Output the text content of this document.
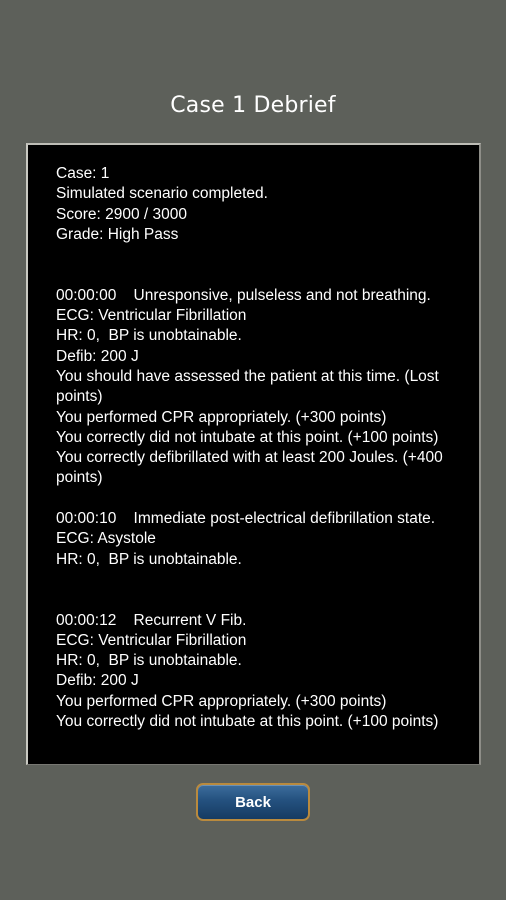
Case 1 Debrief
Case: 1
Simulated scenario completed.
Score: 2900 / 3000
Grade: High Pass

00:00:00    Unresponsive, pulseless and not breathing.
ECG: Ventricular Fibrillation
HR: 0,  BP is unobtainable.
Defib: 200 J
You should have assessed the patient at this time. (Lost points)
You performed CPR appropriately. (+300 points)
You correctly did not intubate at this point. (+100 points)
You correctly defibrillated with at least 200 Joules. (+400 points)

00:00:10    Immediate post-electrical defibrillation state.
ECG: Asystole
HR: 0,  BP is unobtainable.

00:00:12    Recurrent V Fib.
ECG: Ventricular Fibrillation
HR: 0,  BP is unobtainable.
Defib: 200 J
You performed CPR appropriately. (+300 points)
You correctly did not intubate at this point. (+100 points)
Back
